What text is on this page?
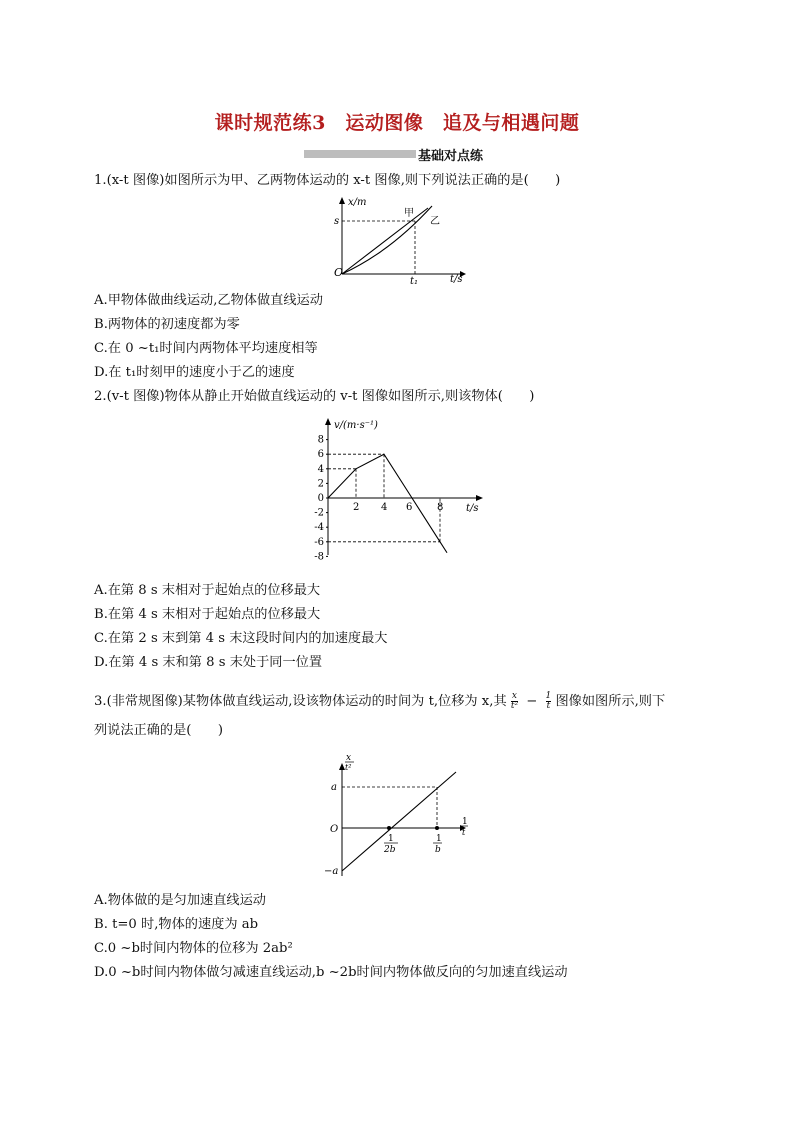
课时规范练3　运动图像　追及与相遇问题
基础对点练
1.(x-t 图像)如图所示为甲、乙两物体运动的 x-t 图像,则下列说法正确的是(　　)
x/m
t/s
O
s
t₁
甲
乙
A.甲物体做曲线运动,乙物体做直线运动
B.两物体的初速度都为零
C.在 0 ~t₁时间内两物体平均速度相等
D.在 t₁时刻甲的速度小于乙的速度
2.(v-t 图像)物体从静止开始做直线运动的 v-t 图像如图所示,则该物体(　　)
v/(m·s⁻¹)
t/s
8
6
4
2
0
-2
-4
-6
-8
2 4 6 8
A.在第 8 s 末相对于起始点的位移最大
B.在第 4 s 末相对于起始点的位移最大
C.在第 2 s 末到第 4 s 末这段时间内的加速度最大
D.在第 4 s 末和第 8 s 末处于同一位置
3.(非常规图像)某物体做直线运动,设该物体运动的时间为 t,位移为 x,其 $\frac{x}{\text{t²}} - \frac{1}{t}$ 图像如图所示,则下
列说法正确的是(　　)
x
t²
1
t
O
a
−a
1
2b
1
b
A.物体做的是匀加速直线运动
B. t=0 时,物体的速度为 ab
C.0 ~b时间内物体的位移为 2ab²
D.0 ~b时间内物体做匀减速直线运动,b ~2b时间内物体做反向的匀加速直线运动
